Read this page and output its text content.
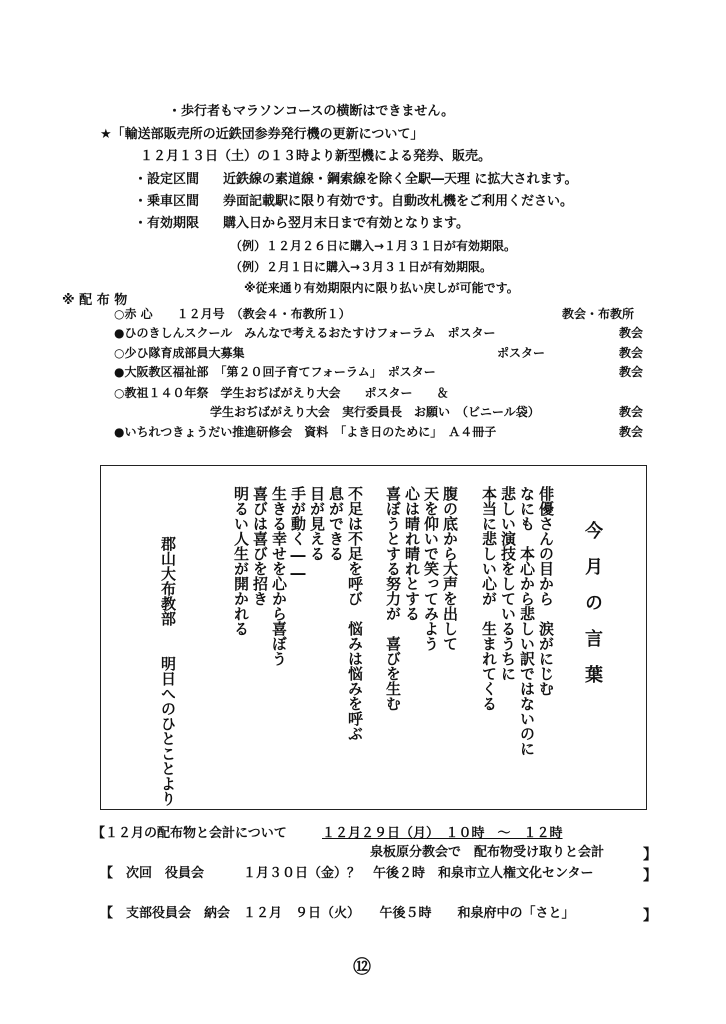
・歩行者もマラソンコースの横断はできません。
★「輸送部販売所の近鉄団参券発行機の更新について」
１２月１３日（土）の１３時より新型機による発券、販売。
・設定区間 近鉄線の素道線・鋼索線を除く全駅―天理 に拡大されます。
・乗車区間 券面記載駅に限り有効です。自動改札機をご利用ください。
・有効期限 購入日から翌月末日まで有効となります。
（例）１２月２６日に購入→１月３１日が有効期限。
（例）２月１日に購入→３月３１日が有効期限。
※従来通り有効期限内に限り払い戻しが可能です。
※ 配 布 物
○赤 心　　１２月号　（教会４・布教所１）	教会・布教所
●ひのきしんスクール　みんなで考えるおたすけフォーラム　ポスター	教会
○少ひ隊育成部員大募集	ポスター	教会
●大阪教区福祉部　「第２０回子育てフォーラム」　ポスター	教会
○教祖１４０年祭　学生おぢばがえり大会　　ポスター　　＆
学生おぢばがえり大会　実行委員長　お願い　（ビニール袋）	教会
●いちれつきょうだい推進研修会　資料　「よき日のために」　Ａ４冊子	教会
今月の言葉
俳優さんの目から　涙がにじむ
なにも　本心から悲しい訳ではないのに
悲しい演技をしているうちに
本当に悲しい心が　生まれてくる
腹の底から大声を出して
天を仰いで笑ってみよう
心は晴れ晴れとする
喜ぼうとする努力が　喜びを生む
不足は不足を呼び　悩みは悩みを呼ぶ
息ができる
目が見える
手が動く――
生きる幸せを心から喜ぼう
喜びは喜びを招き
明るい人生が開かれる
郡山大布教部　　明日へのひとことより
【１２月の配布物と会計について	１２月２９日（月）　１０時　～　１２時
泉板原分教会で　配布物受け取りと会計	】
【　次回　役員会　　　１月３０日（金）？　午後２時　和泉市立人権文化センター	】
【　支部役員会　納会　１２月　９日（火）　　午後５時　　和泉府中の「さと」	】
⑫
